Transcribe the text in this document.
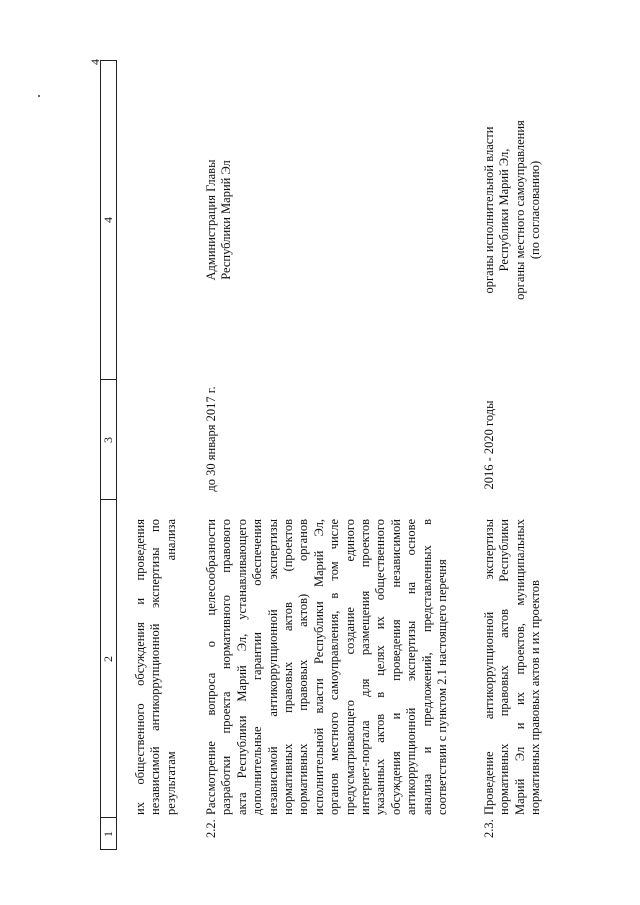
4
1
2
3
4
их общественного обсуждения и проведения независимой антикоррупционной экспертизы по результатам анализа
2.2.
Рассмотрение вопроса о целесообразности разработки проекта нормативного правового акта Республики Марий Эл, устанавливающего дополнительные гарантии обеспечения независимой антикоррупционной экспертизы нормативных правовых актов (проектов нормативных правовых актов) органов исполнительной власти Республики Марий Эл, органов местного самоуправления, в том числе предусматривающего создание единого интернет-портала для размещения проектов указанных актов в целях их общественного обсуждения и проведения независимой антикоррупционной экспертизы на основе анализа и предложений, представленных в соответствии с пунктом 2.1 настоящего перечня
до 30 января 2017 г.
Администрация Главы Республики Марий Эл
2.3.
Проведение антикоррупционной экспертизы нормативных правовых актов Республики Марий Эл и их проектов, муниципальных нормативных правовых актов и их проектов
2016 - 2020 годы
органы исполнительной власти Республики Марий Эл, органы местного самоуправления (по согласованию)
